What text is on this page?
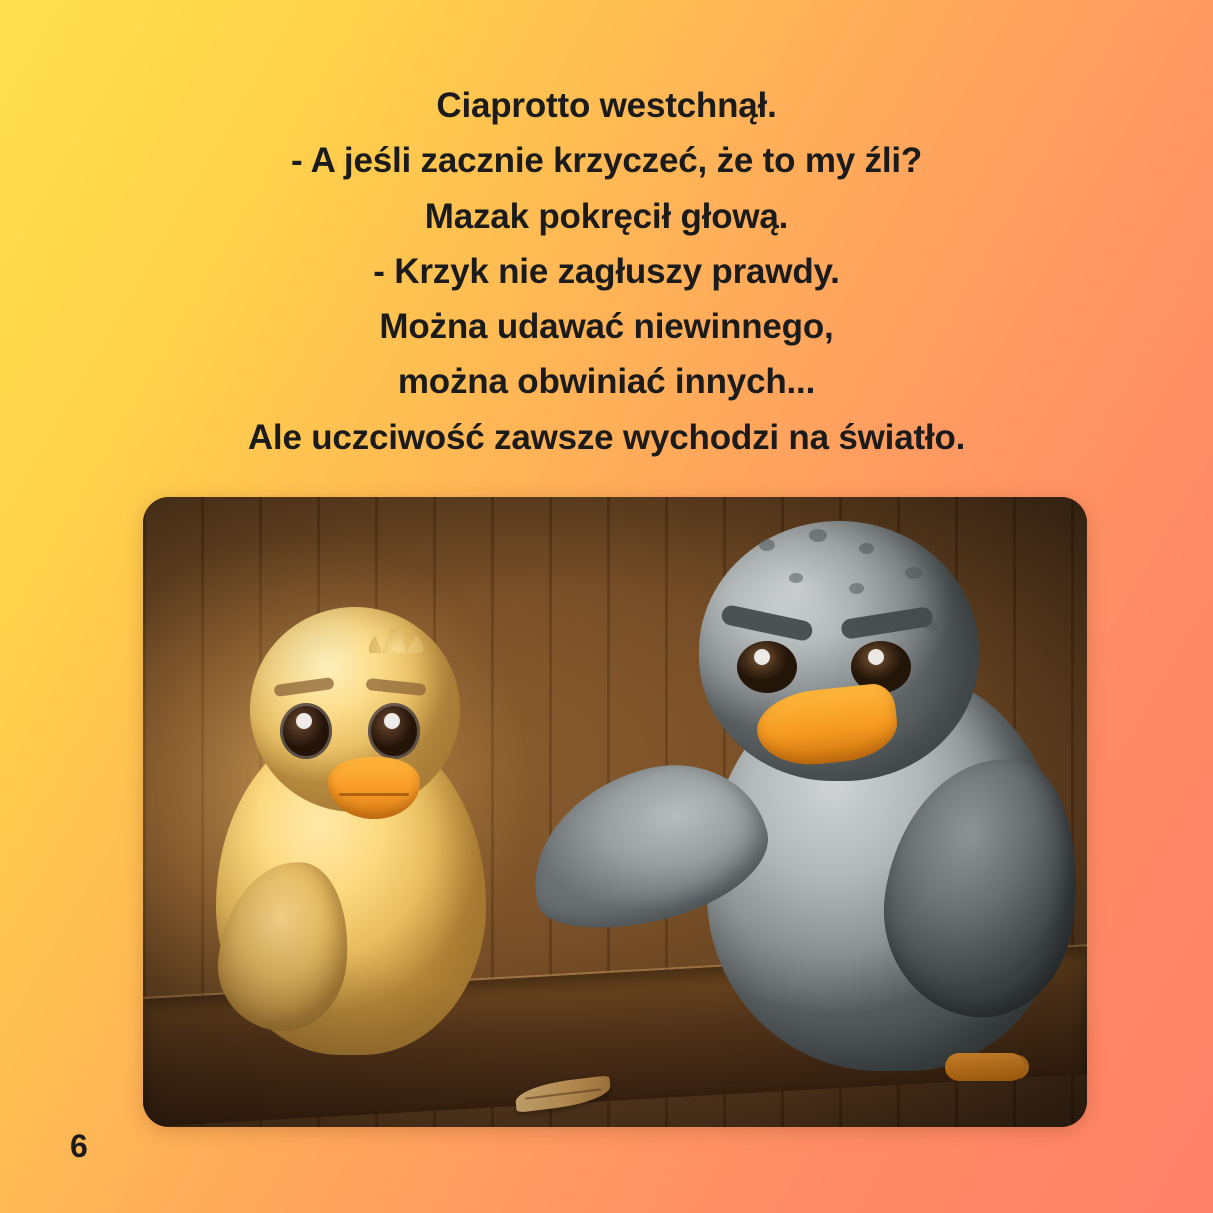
Ciaprotto westchnął.
- A jeśli zacznie krzyczeć, że to my źli?
Mazak pokręcił głową.
- Krzyk nie zagłuszy prawdy.
Można udawać niewinnego,
można obwiniać innych...
Ale uczciwość zawsze wychodzi na światło.
6
